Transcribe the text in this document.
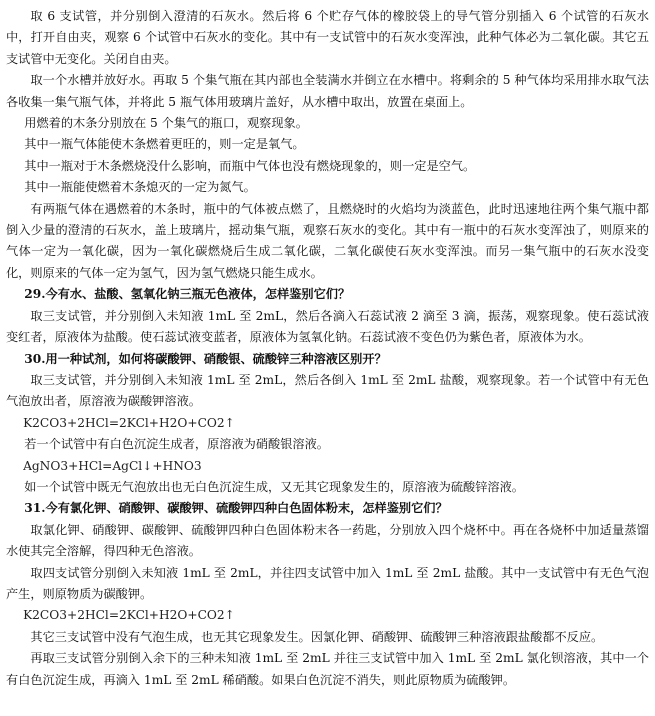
取 6 支试管，并分别倒入澄清的石灰水。然后将 6 个贮存气体的橡胶袋上的导气管分别插入 6 个试管的石灰水中，打开自由夹，观察 6 个试管中石灰水的变化。其中有一支试管中的石灰水变浑浊，此种气体必为二氧化碳。其它五支试管中无变化。关闭自由夹。

取一个水槽并放好水。再取 5 个集气瓶在其内部也全装满水并倒立在水槽中。将剩余的 5 种气体均采用排水取气法各收集一集气瓶气体，并将此 5 瓶气体用玻璃片盖好，从水槽中取出，放置在桌面上。

用燃着的木条分别放在 5 个集气的瓶口，观察现象。

其中一瓶气体能使木条燃着更旺的，则一定是氧气。

其中一瓶对于木条燃烧没什么影响，而瓶中气体也没有燃烧现象的，则一定是空气。

其中一瓶能使燃着木条熄灭的一定为氮气。

有两瓶气体在遇燃着的木条时，瓶中的气体被点燃了，且燃烧时的火焰均为淡蓝色，此时迅速地往两个集气瓶中都倒入少量的澄清的石灰水，盖上玻璃片，摇动集气瓶，观察石灰水的变化。其中有一瓶中的石灰水变浑浊了，则原来的气体一定为一氧化碳，因为一氧化碳燃烧后生成二氧化碳，二氧化碳使石灰水变浑浊。而另一集气瓶中的石灰水没变化，则原来的气体一定为氢气，因为氢气燃烧只能生成水。

29.今有水、盐酸、氢氧化钠三瓶无色液体，怎样鉴别它们？

取三支试管，并分别倒入未知液 1mL 至 2mL，然后各滴入石蕊试液 2 滴至 3 滴，振荡，观察现象。使石蕊试液变红者，原液体为盐酸。使石蕊试液变蓝者，原液体为氢氧化钠。石蕊试液不变色仍为紫色者，原液体为水。

30.用一种试剂，如何将碳酸钾、硝酸银、硫酸锌三种溶液区别开？

取三支试管，并分别倒入未知液 1mL 至 2mL，然后各倒入 1mL 至 2mL 盐酸，观察现象。若一个试管中有无色气泡放出者，原溶液为碳酸钾溶液。

K2CO3+2HCl=2KCl+H2O+CO2↑

若一个试管中有白色沉淀生成者，原溶液为硝酸银溶液。

AgNO3+HCl=AgCl↓+HNO3

如一个试管中既无气泡放出也无白色沉淀生成，又无其它现象发生的，原溶液为硫酸锌溶液。

31.今有氯化钾、硝酸钾、碳酸钾、硫酸钾四种白色固体粉末，怎样鉴别它们？

取氯化钾、硝酸钾、碳酸钾、硫酸钾四种白色固体粉末各一药匙，分别放入四个烧杯中。再在各烧杯中加适量蒸馏水使其完全溶解，得四种无色溶液。

取四支试管分别倒入未知液 1mL 至 2mL，并往四支试管中加入 1mL 至 2mL 盐酸。其中一支试管中有无色气泡产生，则原物质为碳酸钾。

K2CO3+2HCl=2KCl+H2O+CO2↑

其它三支试管中没有气泡生成，也无其它现象发生。因氯化钾、硝酸钾、硫酸钾三种溶液跟盐酸都不反应。

再取三支试管分别倒入余下的三种未知液 1mL 至 2mL 并往三支试管中加入 1mL 至 2mL 氯化钡溶液，其中一个有白色沉淀生成，再滴入 1mL 至 2mL 稀硝酸。如果白色沉淀不消失，则此原物质为硫酸钾。
